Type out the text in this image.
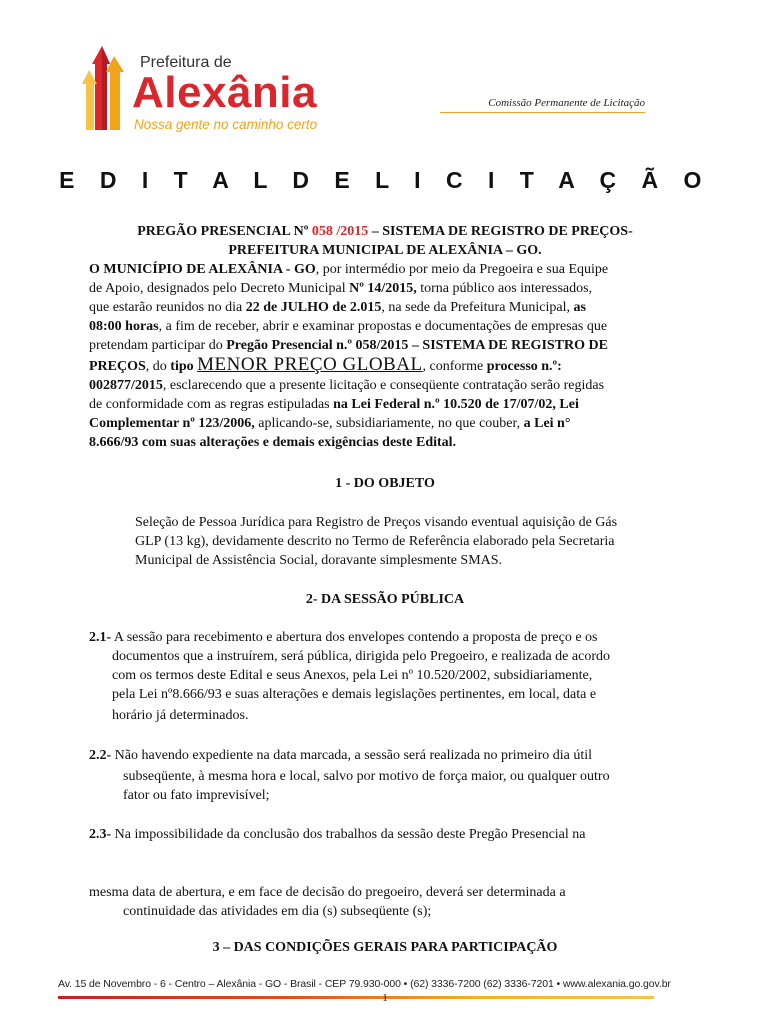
Prefeitura de
Alexânia
Nossa gente no caminho certo
Comissão Permanente de Licitação
E D I T A L D E L I C I T A Ç Ã O
PREGÃO PRESENCIAL Nº 058 /2015 – SISTEMA DE REGISTRO DE PREÇOS-
PREFEITURA MUNICIPAL DE ALEXÂNIA – GO.
O MUNICÍPIO DE ALEXÂNIA - GO, por intermédio por meio da Pregoeira e sua Equipe
de Apoio, designados pelo Decreto Municipal Nº 14/2015, torna público aos interessados,
que estarão reunidos no dia 22 de JULHO de 2.015, na sede da Prefeitura Municipal, as
08:00 horas, a fim de receber, abrir e examinar propostas e documentações de empresas que
pretendam participar do Pregão Presencial n.º 058/2015 – SISTEMA DE REGISTRO DE
PREÇOS, do tipo MENOR PREÇO GLOBAL, conforme processo n.º:
002877/2015, esclarecendo que a presente licitação e conseqüente contratação serão regidas
de conformidade com as regras estipuladas na Lei Federal n.º 10.520 de 17/07/02, Lei
Complementar nº 123/2006, aplicando-se, subsidiariamente, no que couber, a Lei n°
8.666/93 com suas alterações e demais exigências deste Edital.
1 - DO OBJETO
Seleção de Pessoa Jurídica para Registro de Preços visando eventual aquisição de Gás
GLP (13 kg), devidamente descrito no Termo de Referência elaborado pela Secretaria
Municipal de Assistência Social, doravante simplesmente SMAS.
2- DA SESSÃO PÚBLICA
2.1- A sessão para recebimento e abertura dos envelopes contendo a proposta de preço e os
documentos que a instruírem, será pública, dirigida pelo Pregoeiro, e realizada de acordo
com os termos deste Edital e seus Anexos, pela Lei nº 10.520/2002, subsidiariamente,
pela Lei nº8.666/93 e suas alterações e demais legislações pertinentes, em local, data e
horário já determinados.
2.2- Não havendo expediente na data marcada, a sessão será realizada no primeiro dia útil
subseqüente, à mesma hora e local, salvo por motivo de força maior, ou qualquer outro
fator ou fato imprevisível;
2.3- Na impossibilidade da conclusão dos trabalhos da sessão deste Pregão Presencial na
mesma data de abertura, e em face de decisão do pregoeiro, deverá ser determinada a
continuidade das atividades em dia (s) subseqüente (s);
3 – DAS CONDIÇÕES GERAIS PARA PARTICIPAÇÃO
Av. 15 de Novembro - 6 - Centro – Alexânia - GO - Brasil - CEP 79.930-000 • (62) 3336-7200 (62) 3336-7201 • www.alexania.go.gov.br
1
